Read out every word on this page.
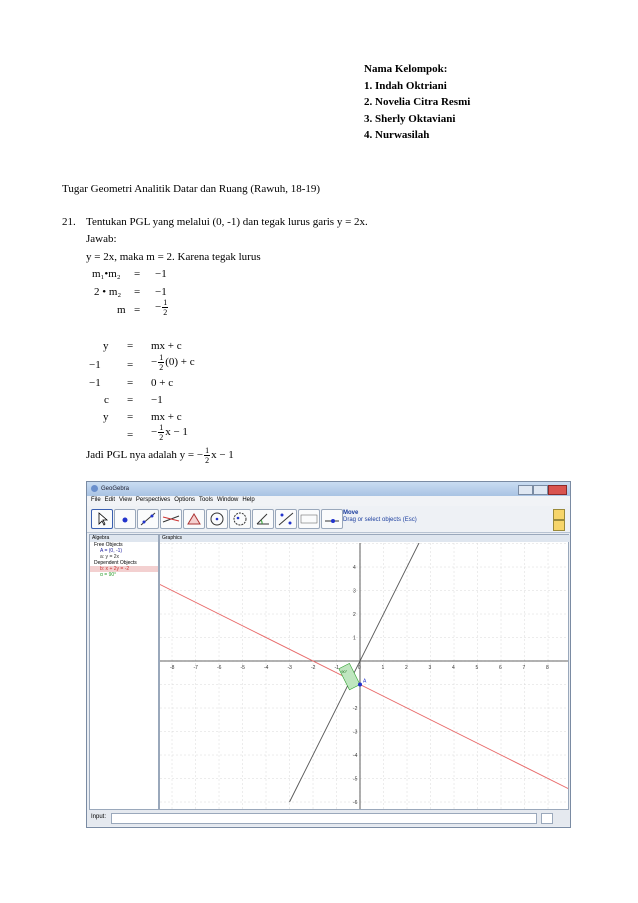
Nama Kelompok:
1. Indah Oktriani
2. Novelia Citra Resmi
3. Sherly Oktaviani
4. Nurwasilah
Tugar Geometri Analitik Datar dan Ruang (Rawuh, 18-19)
21. Tentukan PGL yang melalui (0, -1) dan tegak lurus garis y = 2x.
Jawab:
y = 2x, maka m = 2. Karena tegak lurus
m₁•m₂ = −1
2 • m₂ = −1
m = − $\frac{1}{2}$
y = mx + c
−1 = − $\frac{1}{2} (0) + c$
−1 = 0 + c
c = −1
y = mx + c
= − $\frac{1}{2}$ x − 1
Jadi PGL nya adalah y = − $\frac{1}{2}$ x − 1
GeoGebra
File Edit View Perspectives Options Tools Window Help
Move
Drag or select objects (Esc)
Algebra
Free Objects
A = (0, -1)
a: y = 2x
Dependent Objects
b: x + 2y = -2
α = 90°
Graphics
-8	-7	-6	-5	-4	-3	-2	-1	0	1	2	3	4	5	6	7	8
4
3
2
1
-2
-3
-4
-5
-6
90°
A
Input:
